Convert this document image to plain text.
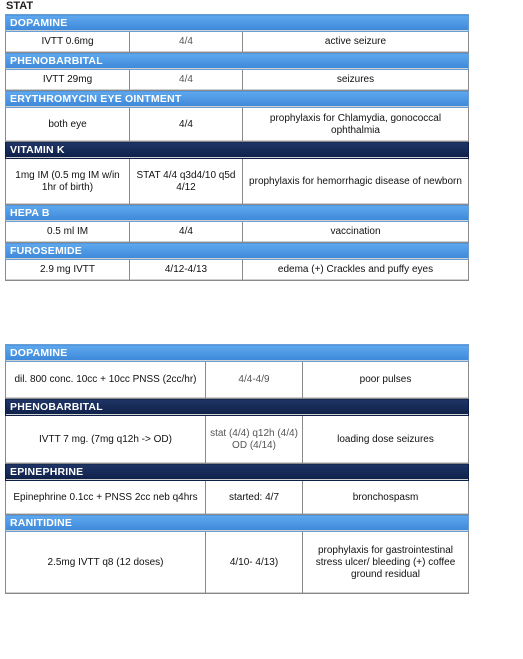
STAT
DOPAMINE		
IVTT 0.6mg	4/4	active seizure
PHENOBARBITAL		
IVTT 29mg	4/4	seizures
ERYTHROMYCIN EYE OINTMENT		
both eye	4/4	prophylaxis for Chlamydia, gonococcal ophthalmia
VITAMIN K		
1mg IM (0.5 mg IM w/in 1hr of birth)	STAT 4/4 q3d4/10 q5d 4/12	prophylaxis for hemorrhagic disease of newborn
HEPA B		
0.5 ml IM	4/4	vaccination
FUROSEMIDE		
2.9 mg IVTT	4/12-4/13	edema (+) Crackles and puffy eyes
DOPAMINE		
dil. 800 conc. 10cc + 10cc PNSS (2cc/hr)	4/4-4/9	poor pulses
PHENOBARBITAL		
IVTT 7 mg. (7mg q12h -> OD)	stat (4/4) q12h (4/4) OD (4/14)	loading dose seizures
EPINEPHRINE		
Epinephrine 0.1cc + PNSS 2cc neb q4hrs	started: 4/7	bronchospasm
RANITIDINE		
2.5mg IVTT q8 (12 doses)	4/10- 4/13)	prophylaxis for gastrointestinal stress ulcer/ bleeding (+) coffee ground residual
